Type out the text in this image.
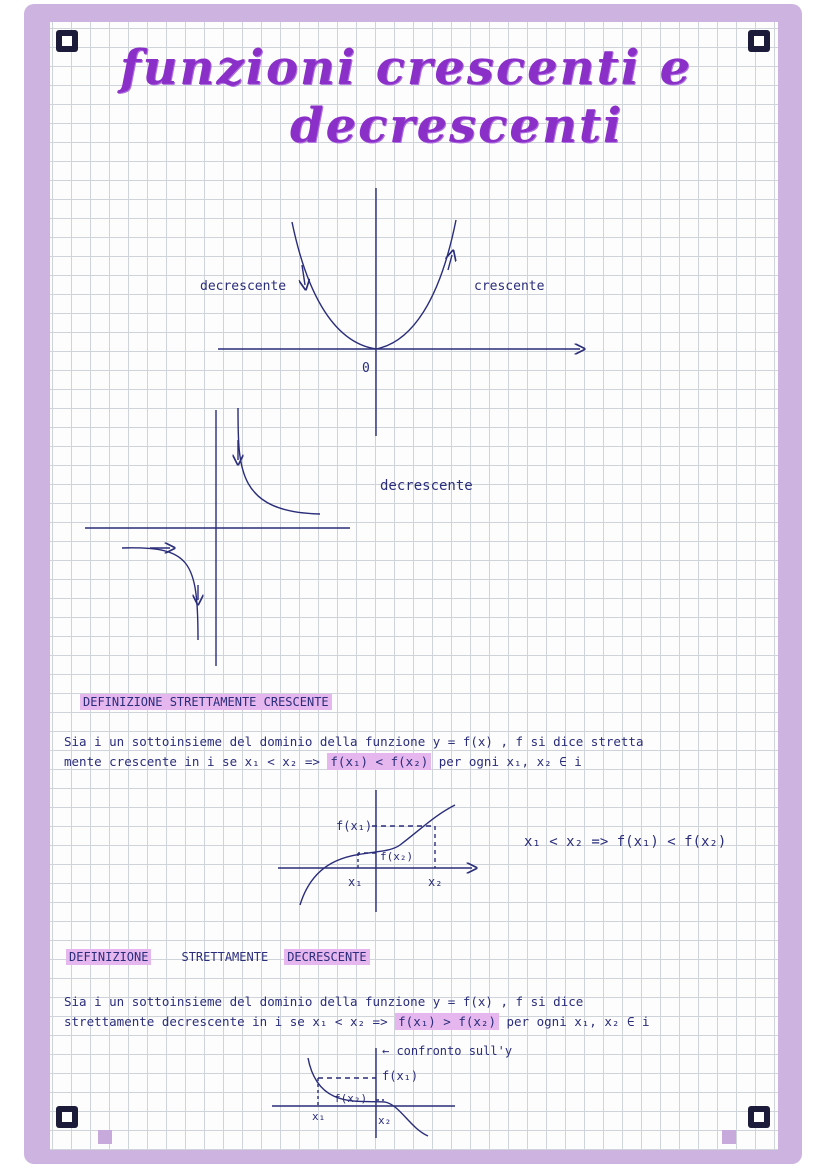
funzioni crescenti e
decrescenti
decrescente	crescente
0
decrescente
f(x₁)
f(x₂)
x₁	x₂
f(x₁)
f(x₂)
x₁	x₂
DEFINIZIONE STRETTAMENTE CRESCENTE
Sia i un sottoinsieme del dominio della funzione y = f(x) , f si dice stretta
mente crescente in i se x₁ < x₂ => f(x₁) < f(x₂) per ogni x₁, x₂ ∈ i
x₁ < x₂ => f(x₁) < f(x₂)
DEFINIZIONE	STRETTAMENTE DECRESCENTE
Sia i un sottoinsieme del dominio della funzione y = f(x) , f si dice
strettamente decrescente in i se x₁ < x₂ => f(x₁) > f(x₂) per ogni x₁, x₂ ∈ i
← confronto sull'y
